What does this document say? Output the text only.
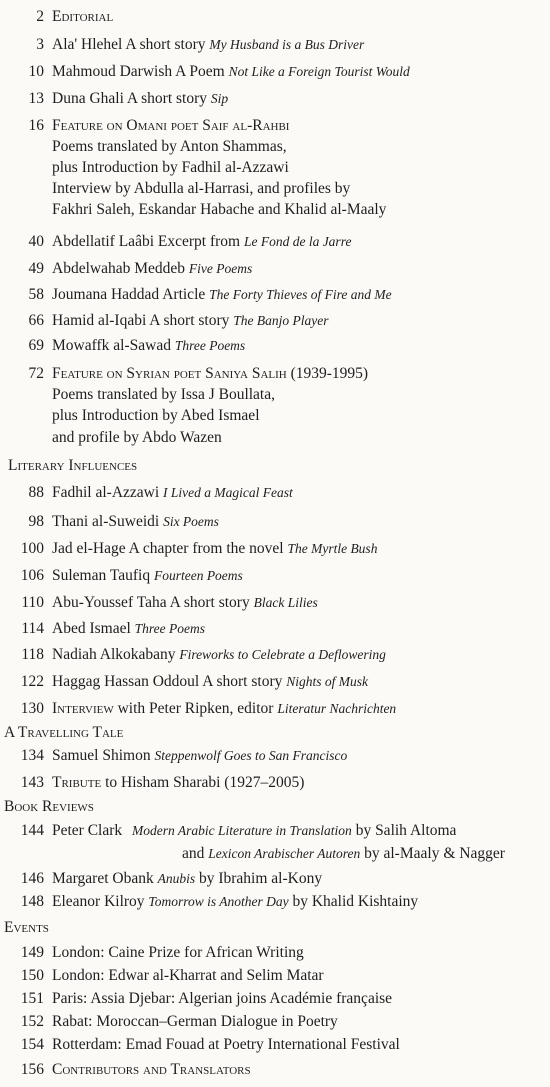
2 Editorial
3 Ala' Hlehel A short story My Husband is a Bus Driver
10 Mahmoud Darwish A Poem Not Like a Foreign Tourist Would
13 Duna Ghali A short story Sip
16 Feature on Omani poet Saif al-Rahbi
Poems translated by Anton Shammas,
plus Introduction by Fadhil al-Azzawi
Interview by Abdulla al-Harrasi, and profiles by
Fakhri Saleh, Eskandar Habache and Khalid al-Maaly
40 Abdellatif Laâbi Excerpt from Le Fond de la Jarre
49 Abdelwahab Meddeb Five Poems
58 Joumana Haddad Article The Forty Thieves of Fire and Me
66 Hamid al-Iqabi A short story The Banjo Player
69 Mowaffk al-Sawad Three Poems
72 Feature on Syrian poet Saniya Salih (1939-1995)
Poems translated by Issa J Boullata,
plus Introduction by Abed Ismael
and profile by Abdo Wazen
Literary Influences
88 Fadhil al-Azzawi I Lived a Magical Feast
98 Thani al-Suweidi Six Poems
100 Jad el-Hage A chapter from the novel The Myrtle Bush
106 Suleman Taufiq Fourteen Poems
110 Abu-Youssef Taha A short story Black Lilies
114 Abed Ismael Three Poems
118 Nadiah Alkokabany Fireworks to Celebrate a Deflowering
122 Haggag Hassan Oddoul A short story Nights of Musk
130 Interview with Peter Ripken, editor Literatur Nachrichten
A Travelling Tale
134 Samuel Shimon Steppenwolf Goes to San Francisco
143 Tribute to Hisham Sharabi (1927–2005)
Book Reviews
144 Peter Clark Modern Arabic Literature in Translation by Salih Altoma
and Lexicon Arabischer Autoren by al-Maaly & Nagger
146 Margaret Obank Anubis by Ibrahim al-Kony
148 Eleanor Kilroy Tomorrow is Another Day by Khalid Kishtainy
Events
149 London: Caine Prize for African Writing
150 London: Edwar al-Kharrat and Selim Matar
151 Paris: Assia Djebar: Algerian joins Académie française
152 Rabat: Moroccan–German Dialogue in Poetry
154 Rotterdam: Emad Fouad at Poetry International Festival
156 Contributors and Translators
